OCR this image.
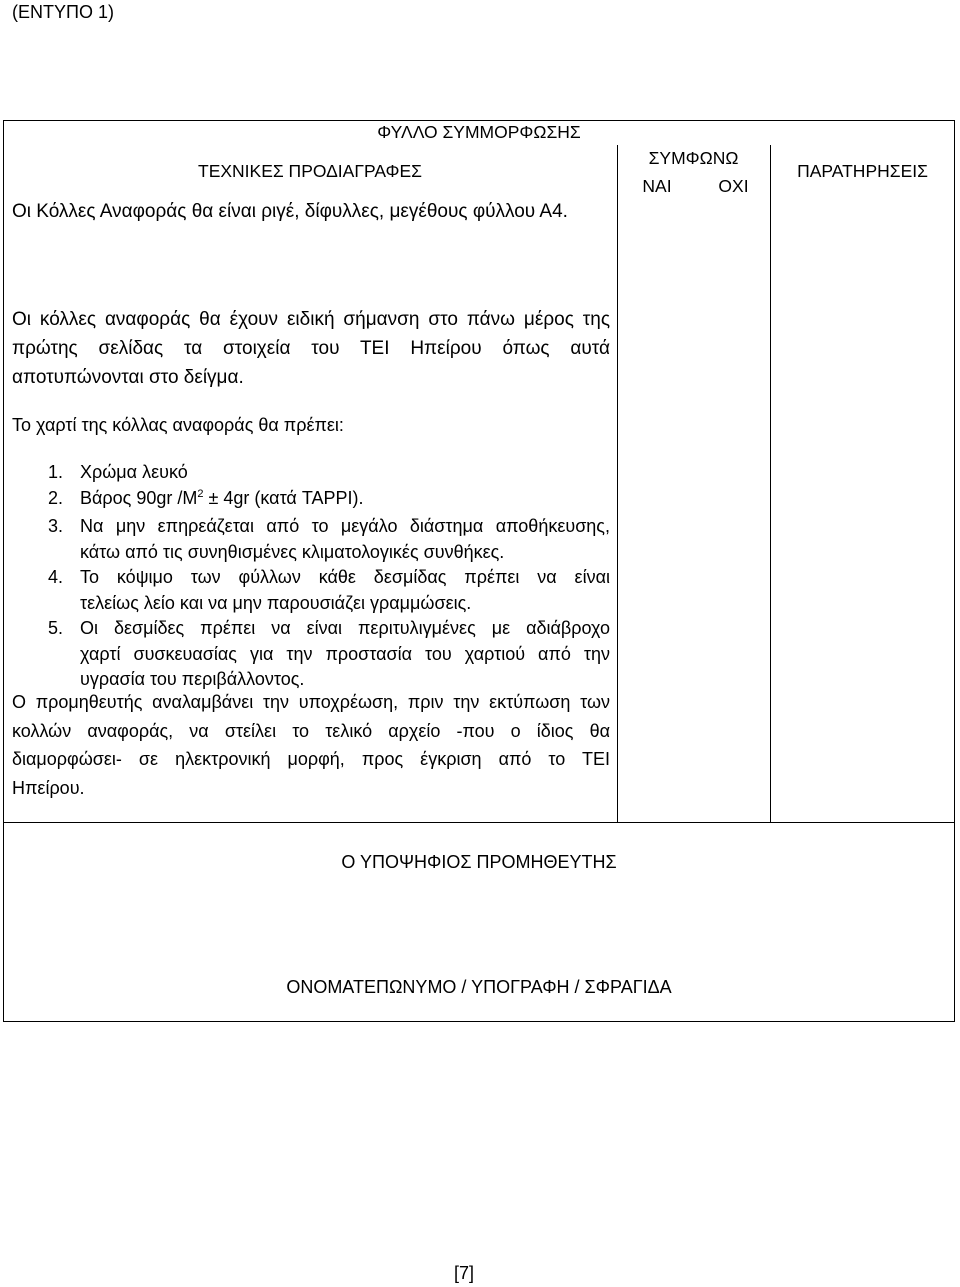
(ΕΝΤΥΠΟ 1)
ΦΥΛΛΟ ΣΥΜΜΟΡΦΩΣΗΣ
ΤΕΧΝΙΚΕΣ ΠΡΟΔΙΑΓΡΑΦΕΣ
ΣΥΜΦΩΝΩ
ΝΑΙ	ΟΧΙ
ΠΑΡΑΤΗΡΗΣΕΙΣ
Οι Κόλλες Αναφοράς θα είναι ριγέ, δίφυλλες, μεγέθους φύλλου Α4.
Οι κόλλες αναφοράς θα έχουν ειδική σήμανση στο πάνω μέρος της
πρώτης σελίδας τα στοιχεία του ΤΕΙ Ηπείρου όπως αυτά
αποτυπώνονται στο δείγμα.
Το χαρτί της κόλλας αναφοράς θα πρέπει:
1. Χρώμα λευκό
2. Βάρος 90gr $/M^2 \pm 4gr$ (κατά TAPPI).
3. Να μην επηρεάζεται από το μεγάλο διάστημα αποθήκευσης,
κάτω από τις συνηθισμένες κλιματολογικές συνθήκες.
4. Το κόψιμο των φύλλων κάθε δεσμίδας πρέπει να είναι
τελείως λείο και να μην παρουσιάζει γραμμώσεις.
5. Οι δεσμίδες πρέπει να είναι περιτυλιγμένες με αδιάβροχο
χαρτί συσκευασίας για την προστασία του χαρτιού από την
υγρασία του περιβάλλοντος.
Ο προμηθευτής αναλαμβάνει την υποχρέωση, πριν την εκτύπωση των
κολλών αναφοράς, να στείλει το τελικό αρχείο -που ο ίδιος θα
διαμορφώσει- σε ηλεκτρονική μορφή, προς έγκριση από το ΤΕΙ
Ηπείρου.
Ο ΥΠΟΨΗΦΙΟΣ ΠΡΟΜΗΘΕΥΤΗΣ
ΟΝΟΜΑΤΕΠΩΝΥΜΟ / ΥΠΟΓΡΑΦΗ / ΣΦΡΑΓΙΔΑ
[7]
